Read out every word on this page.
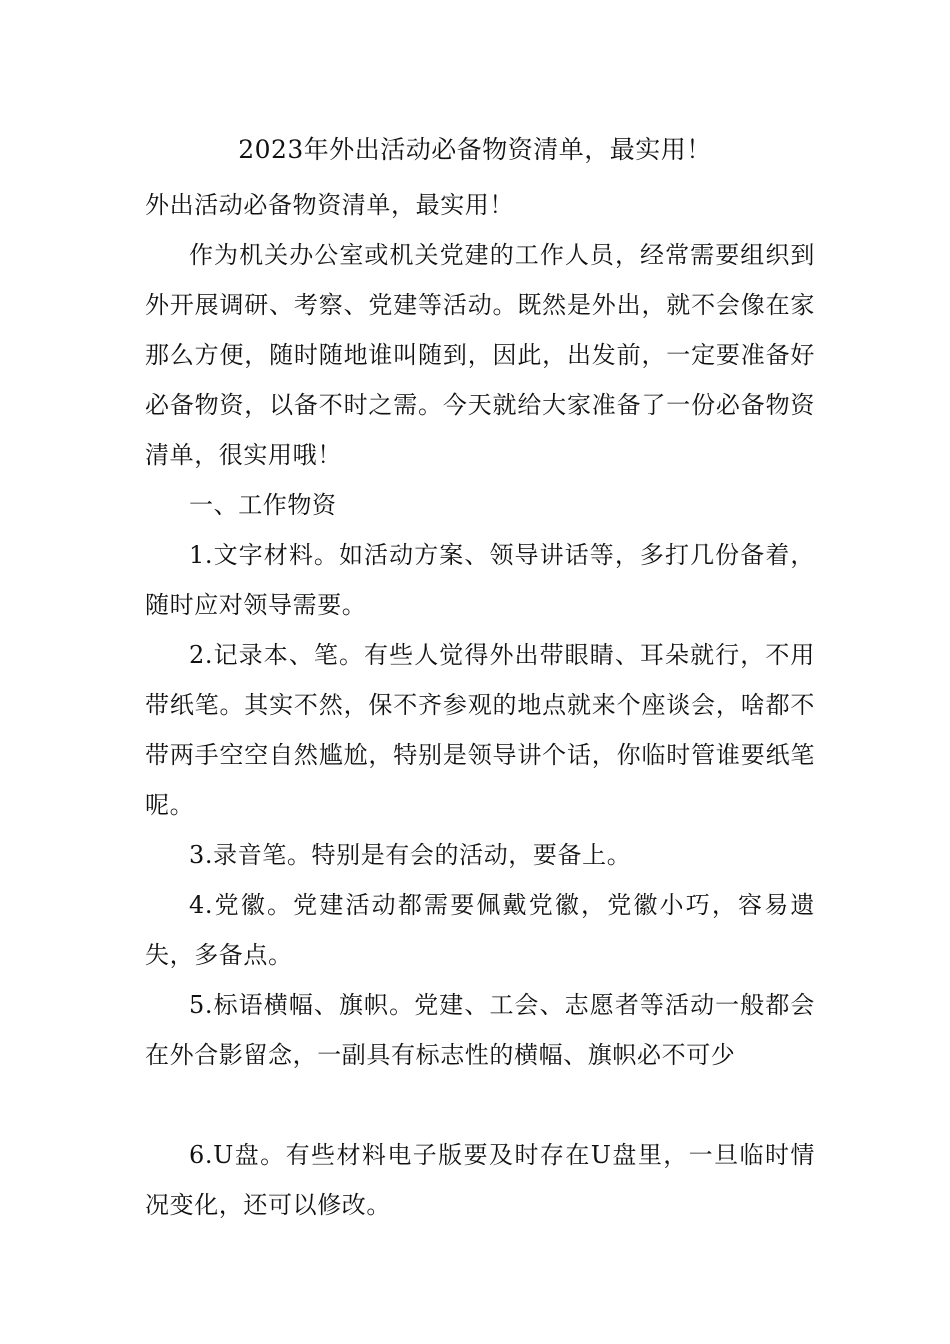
2023年外出活动必备物资清单，最实用！

外出活动必备物资清单，最实用！

作为机关办公室或机关党建的工作人员，经常需要组织到外开展调研、考察、党建等活动。既然是外出，就不会像在家那么方便，随时随地谁叫随到，因此，出发前，一定要准备好必备物资，以备不时之需。今天就给大家准备了一份必备物资清单，很实用哦！

一、工作物资

1.文字材料。如活动方案、领导讲话等，多打几份备着，随时应对领导需要。

2.记录本、笔。有些人觉得外出带眼睛、耳朵就行，不用带纸笔。其实不然，保不齐参观的地点就来个座谈会，啥都不带两手空空自然尴尬，特别是领导讲个话，你临时管谁要纸笔呢。

3.录音笔。特别是有会的活动，要备上。

4.党徽。党建活动都需要佩戴党徽，党徽小巧，容易遗失，多备点。

5.标语横幅、旗帜。党建、工会、志愿者等活动一般都会在外合影留念，一副具有标志性的横幅、旗帜必不可少

6.U盘。有些材料电子版要及时存在U盘里，一旦临时情况变化，还可以修改。
